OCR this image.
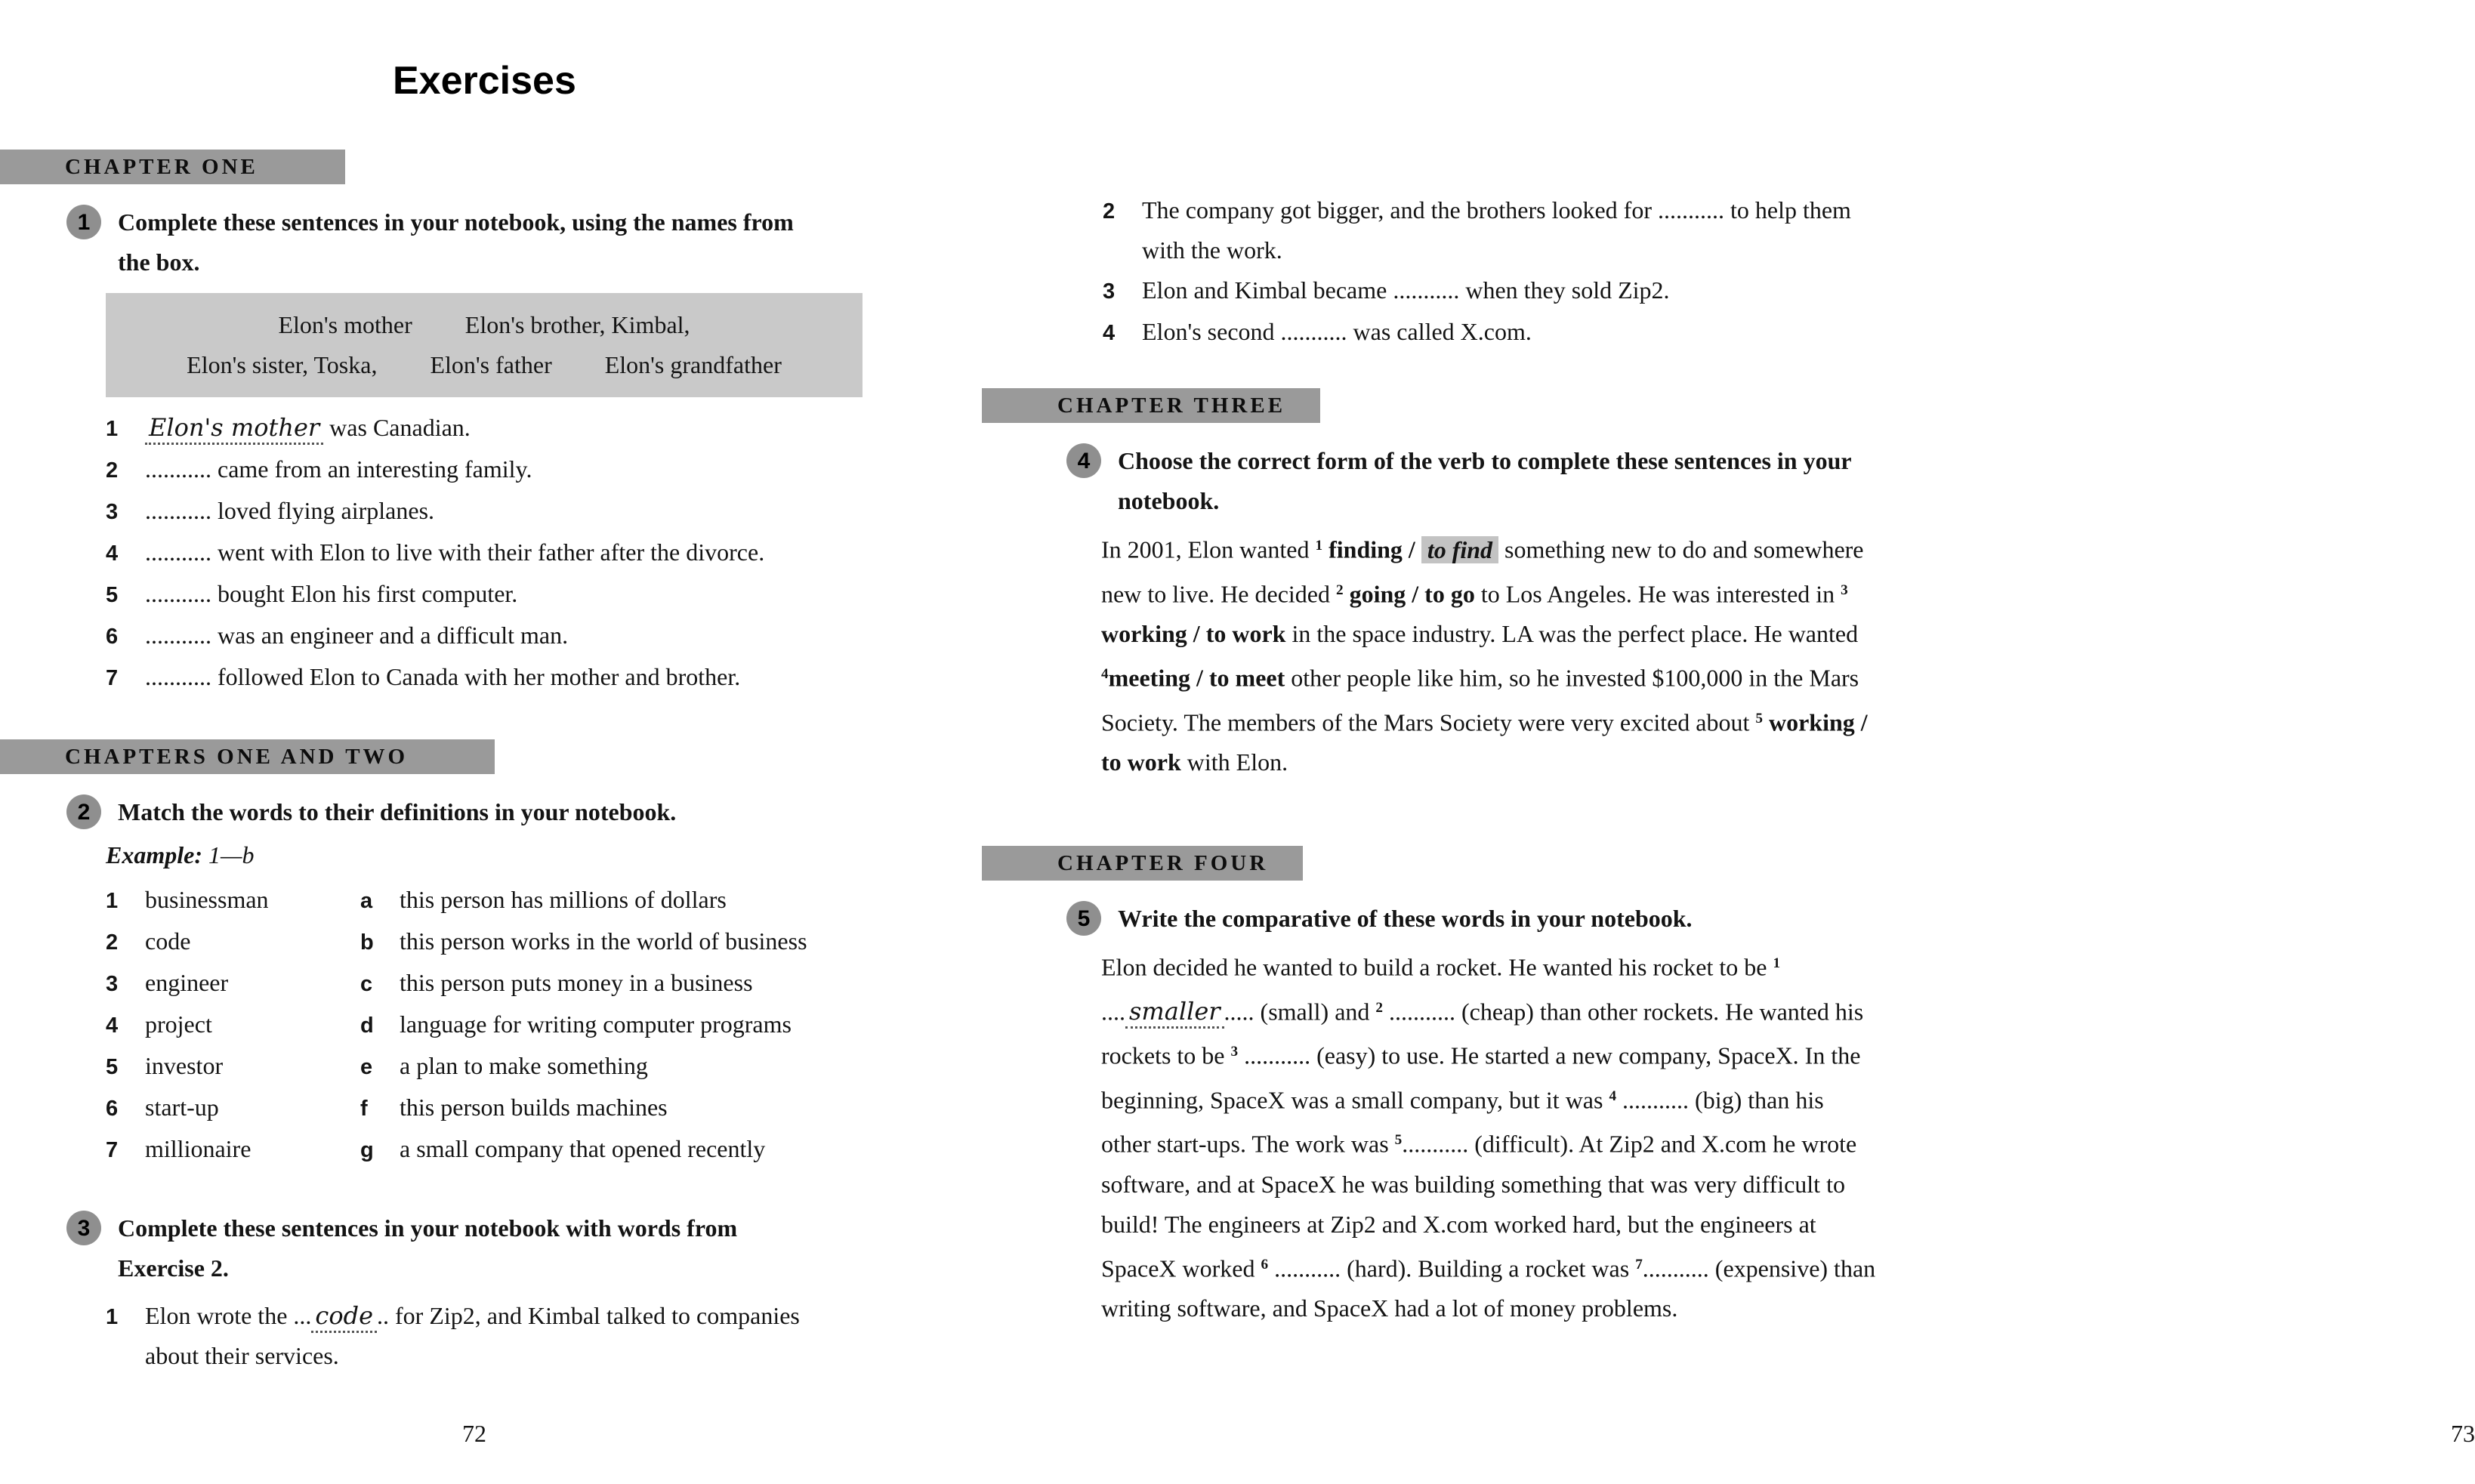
Exercises
CHAPTER ONE
1	Complete these sentences in your notebook, using the names from the box.
Elon's mother Elon's brother, Kimbal,
Elon's sister, Toska, Elon's father Elon's grandfather
1	Elon's mother was Canadian.
2	........... came from an interesting family.
3	........... loved flying airplanes.
4	........... went with Elon to live with their father after the divorce.
5	........... bought Elon his first computer.
6	........... was an engineer and a difficult man.
7	........... followed Elon to Canada with her mother and brother.
CHAPTERS ONE AND TWO
2	Match the words to their definitions in your notebook.
Example: 1—b
1	businessman	a	this person has millions of dollars
2	code	b	this person works in the world of business
3	engineer	c	this person puts money in a business
4	project	d	language for writing computer programs
5	investor	e	a plan to make something
6	start-up	f	this person builds machines
7	millionaire	g	a small company that opened recently
3	Complete these sentences in your notebook with words from Exercise 2.
1	Elon wrote the ... code .. for Zip2, and Kimbal talked to companies about their services.
72
2	The company got bigger, and the brothers looked for ........... to help them with the work.
3	Elon and Kimbal became ........... when they sold Zip2.
4	Elon's second ........... was called X.com.
CHAPTER THREE
4	Choose the correct form of the verb to complete these sentences in your notebook.
In 2001, Elon wanted $^1$ finding / to find something new to do and somewhere new to live. He decided $^2$ going / to go to Los Angeles. He was interested in $^3$ working / to work in the space industry. LA was the perfect place. He wanted $^4$meeting / to meet other people like him, so he invested $100,000 in the Mars Society. The members of the Mars Society were very excited about $^5$ working / to work with Elon.
CHAPTER FOUR
5	Write the comparative of these words in your notebook.
Elon decided he wanted to build a rocket. He wanted his rocket to be $^1$ .... smaller ..... (small) and $^2$ ........... (cheap) than other rockets. He wanted his rockets to be $^3$ ........... (easy) to use. He started a new company, SpaceX. In the beginning, SpaceX was a small company, but it was $^4$ ........... (big) than his other start-ups. The work was $^5$........... (difficult). At Zip2 and X.com he wrote software, and at SpaceX he was building something that was very difficult to build! The engineers at Zip2 and X.com worked hard, but the engineers at SpaceX worked $^6$ ........... (hard). Building a rocket was $^7$........... (expensive) than writing software, and SpaceX had a lot of money problems.
73
